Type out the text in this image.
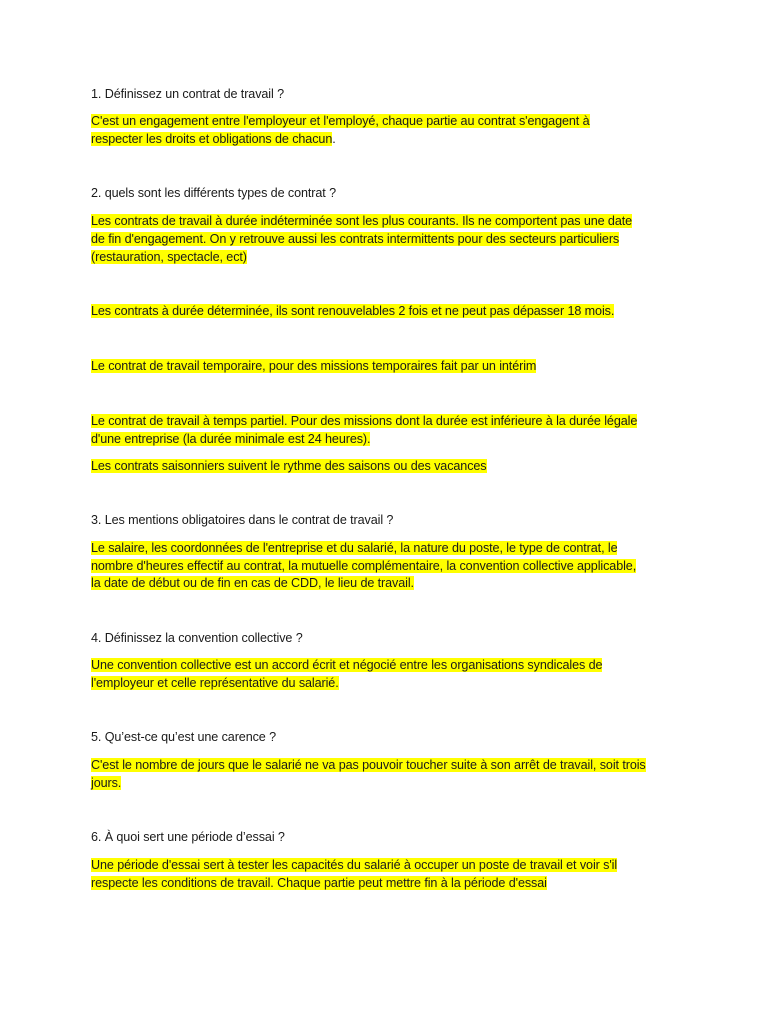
1. Définissez un contrat de travail ?
C'est un engagement entre l'employeur et l'employé, chaque partie au contrat s'engagent à
respecter les droits et obligations de chacun.
2. quels sont les différents types de contrat ?
Les contrats de travail à durée indéterminée sont les plus courants. Ils ne comportent pas une date
de fin d'engagement. On y retrouve aussi les contrats intermittents pour des secteurs particuliers
(restauration, spectacle, ect)
Les contrats à durée déterminée, ils sont renouvelables 2 fois et ne peut pas dépasser 18 mois.
Le contrat de travail temporaire, pour des missions temporaires fait par un intérim
Le contrat de travail à temps partiel. Pour des missions dont la durée est inférieure à la durée légale
d'une entreprise (la durée minimale est 24 heures).
Les contrats saisonniers suivent le rythme des saisons ou des vacances
3. Les mentions obligatoires dans le contrat de travail ?
Le salaire, les coordonnées de l'entreprise et du salarié, la nature du poste, le type de contrat, le
nombre d'heures effectif au contrat, la mutuelle complémentaire, la convention collective applicable,
la date de début ou de fin en cas de CDD, le lieu de travail.
4. Définissez la convention collective ?
Une convention collective est un accord écrit et négocié entre les organisations syndicales de
l'employeur et celle représentative du salarié.
5. Qu’est-ce qu’est une carence ?
C'est le nombre de jours que le salarié ne va pas pouvoir toucher suite à son arrêt de travail, soit trois
jours.
6. À quoi sert une période d’essai ?
Une période d'essai sert à tester les capacités du salarié à occuper un poste de travail et voir s'il
respecte les conditions de travail. Chaque partie peut mettre fin à la période d'essai
